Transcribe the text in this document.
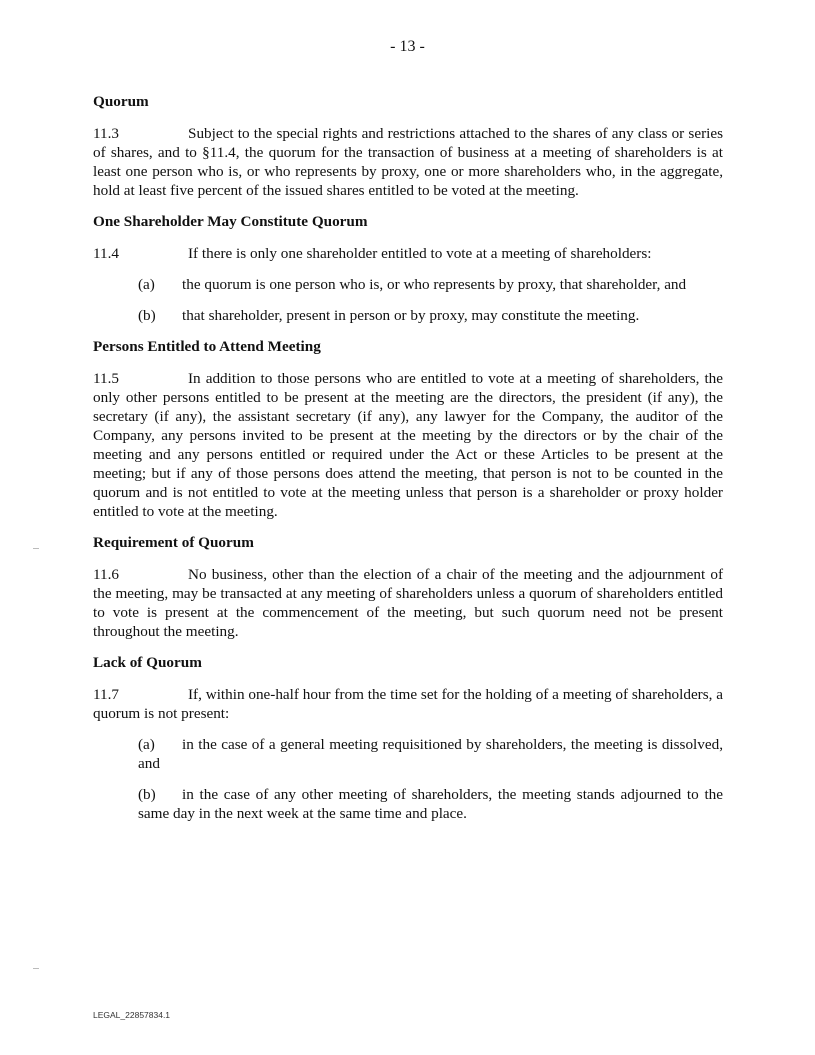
- 13 -
Quorum
11.3	Subject to the special rights and restrictions attached to the shares of any class or series of shares, and to §11.4, the quorum for the transaction of business at a meeting of shareholders is at least one person who is, or who represents by proxy, one or more shareholders who, in the aggregate, hold at least five percent of the issued shares entitled to be voted at the meeting.
One Shareholder May Constitute Quorum
11.4	If there is only one shareholder entitled to vote at a meeting of shareholders:
(a) the quorum is one person who is, or who represents by proxy, that shareholder, and
(b) that shareholder, present in person or by proxy, may constitute the meeting.
Persons Entitled to Attend Meeting
11.5	In addition to those persons who are entitled to vote at a meeting of shareholders, the only other persons entitled to be present at the meeting are the directors, the president (if any), the secretary (if any), the assistant secretary (if any), any lawyer for the Company, the auditor of the Company, any persons invited to be present at the meeting by the directors or by the chair of the meeting and any persons entitled or required under the Act or these Articles to be present at the meeting; but if any of those persons does attend the meeting, that person is not to be counted in the quorum and is not entitled to vote at the meeting unless that person is a shareholder or proxy holder entitled to vote at the meeting.
Requirement of Quorum
11.6	No business, other than the election of a chair of the meeting and the adjournment of the meeting, may be transacted at any meeting of shareholders unless a quorum of shareholders entitled to vote is present at the commencement of the meeting, but such quorum need not be present throughout the meeting.
Lack of Quorum
11.7	If, within one-half hour from the time set for the holding of a meeting of shareholders, a quorum is not present:
(a) in the case of a general meeting requisitioned by shareholders, the meeting is dissolved, and
(b) in the case of any other meeting of shareholders, the meeting stands adjourned to the same day in the next week at the same time and place.
LEGAL_22857834.1
